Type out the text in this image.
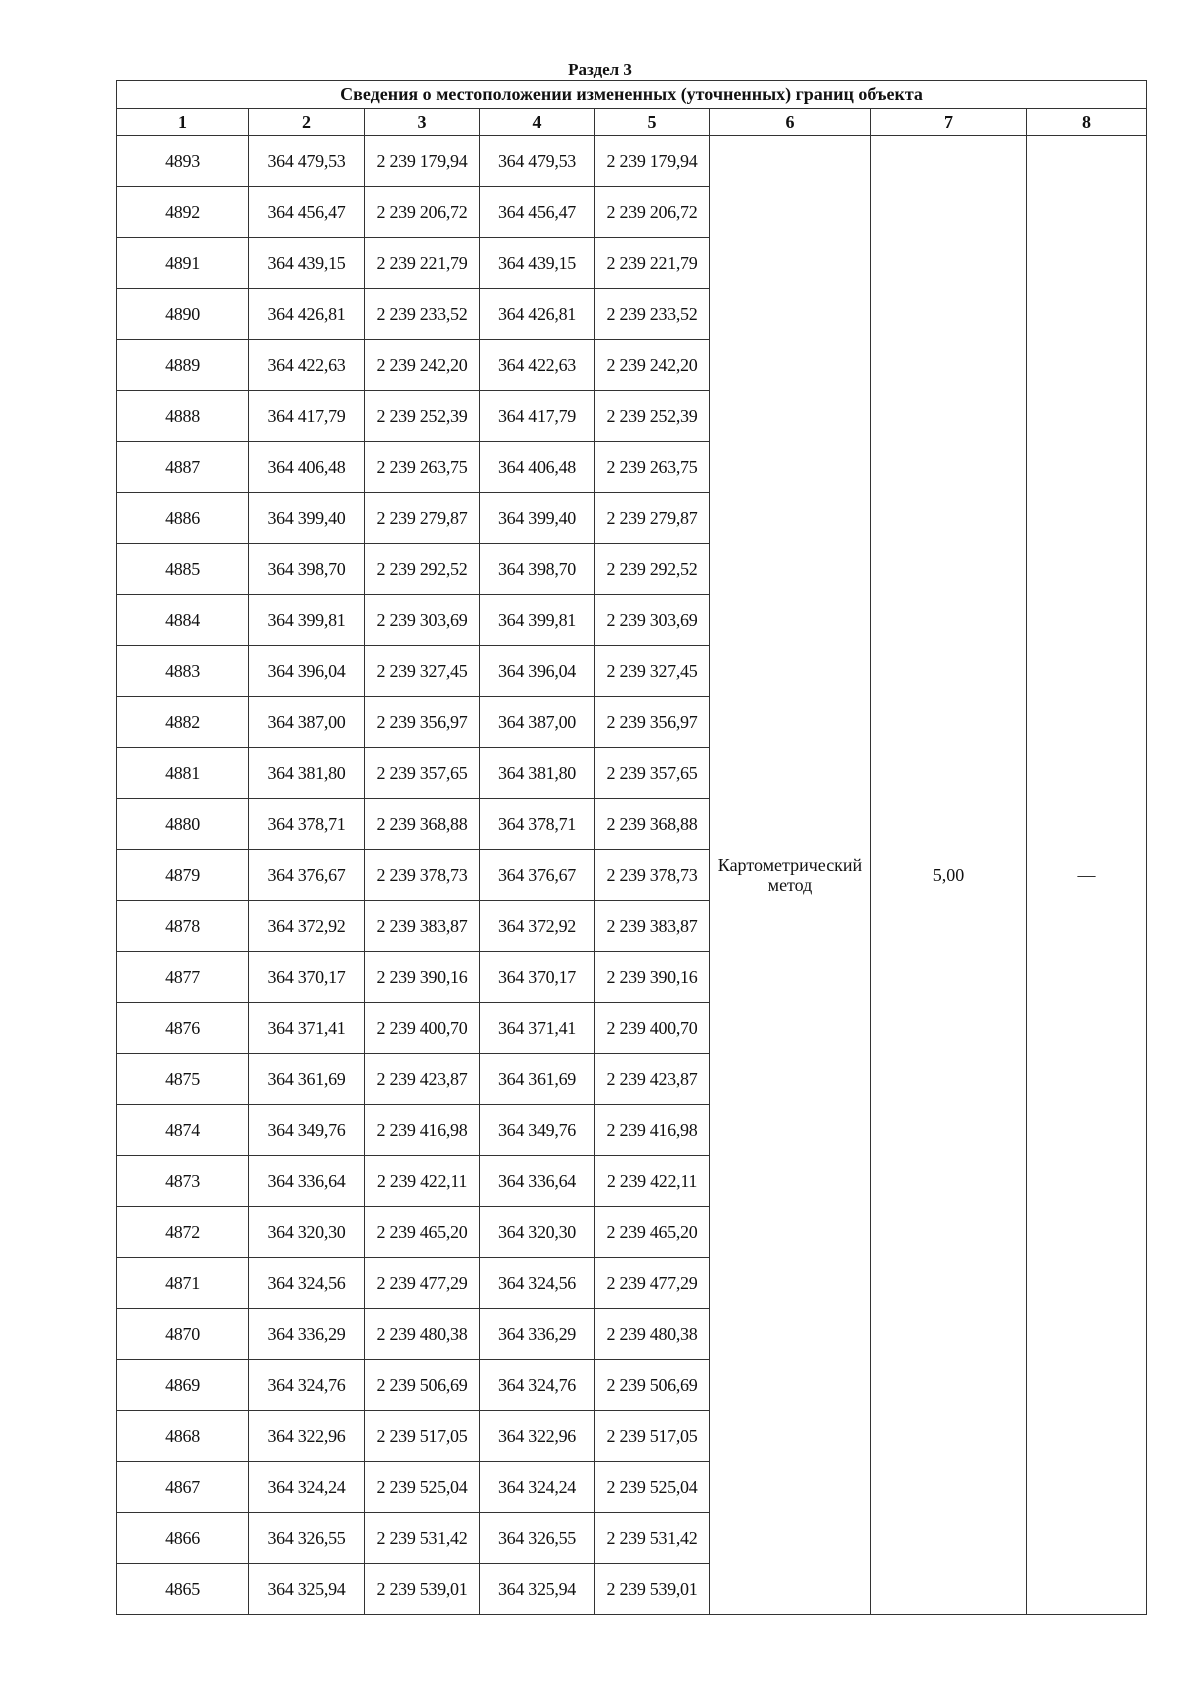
Раздел 3
Сведения о местоположении измененных (уточненных) границ объекта							
1	2	3	4	5	6	7	8
4893	364 479,53	2 239 179,94	364 479,53	2 239 179,94	Картометрический метод	5,00	—
4892	364 456,47	2 239 206,72	364 456,47	2 239 206,72			
4891	364 439,15	2 239 221,79	364 439,15	2 239 221,79			
4890	364 426,81	2 239 233,52	364 426,81	2 239 233,52			
4889	364 422,63	2 239 242,20	364 422,63	2 239 242,20			
4888	364 417,79	2 239 252,39	364 417,79	2 239 252,39			
4887	364 406,48	2 239 263,75	364 406,48	2 239 263,75			
4886	364 399,40	2 239 279,87	364 399,40	2 239 279,87			
4885	364 398,70	2 239 292,52	364 398,70	2 239 292,52			
4884	364 399,81	2 239 303,69	364 399,81	2 239 303,69			
4883	364 396,04	2 239 327,45	364 396,04	2 239 327,45			
4882	364 387,00	2 239 356,97	364 387,00	2 239 356,97			
4881	364 381,80	2 239 357,65	364 381,80	2 239 357,65			
4880	364 378,71	2 239 368,88	364 378,71	2 239 368,88			
4879	364 376,67	2 239 378,73	364 376,67	2 239 378,73			
4878	364 372,92	2 239 383,87	364 372,92	2 239 383,87			
4877	364 370,17	2 239 390,16	364 370,17	2 239 390,16			
4876	364 371,41	2 239 400,70	364 371,41	2 239 400,70			
4875	364 361,69	2 239 423,87	364 361,69	2 239 423,87			
4874	364 349,76	2 239 416,98	364 349,76	2 239 416,98			
4873	364 336,64	2 239 422,11	364 336,64	2 239 422,11			
4872	364 320,30	2 239 465,20	364 320,30	2 239 465,20			
4871	364 324,56	2 239 477,29	364 324,56	2 239 477,29			
4870	364 336,29	2 239 480,38	364 336,29	2 239 480,38			
4869	364 324,76	2 239 506,69	364 324,76	2 239 506,69			
4868	364 322,96	2 239 517,05	364 322,96	2 239 517,05			
4867	364 324,24	2 239 525,04	364 324,24	2 239 525,04			
4866	364 326,55	2 239 531,42	364 326,55	2 239 531,42			
4865	364 325,94	2 239 539,01	364 325,94	2 239 539,01			
